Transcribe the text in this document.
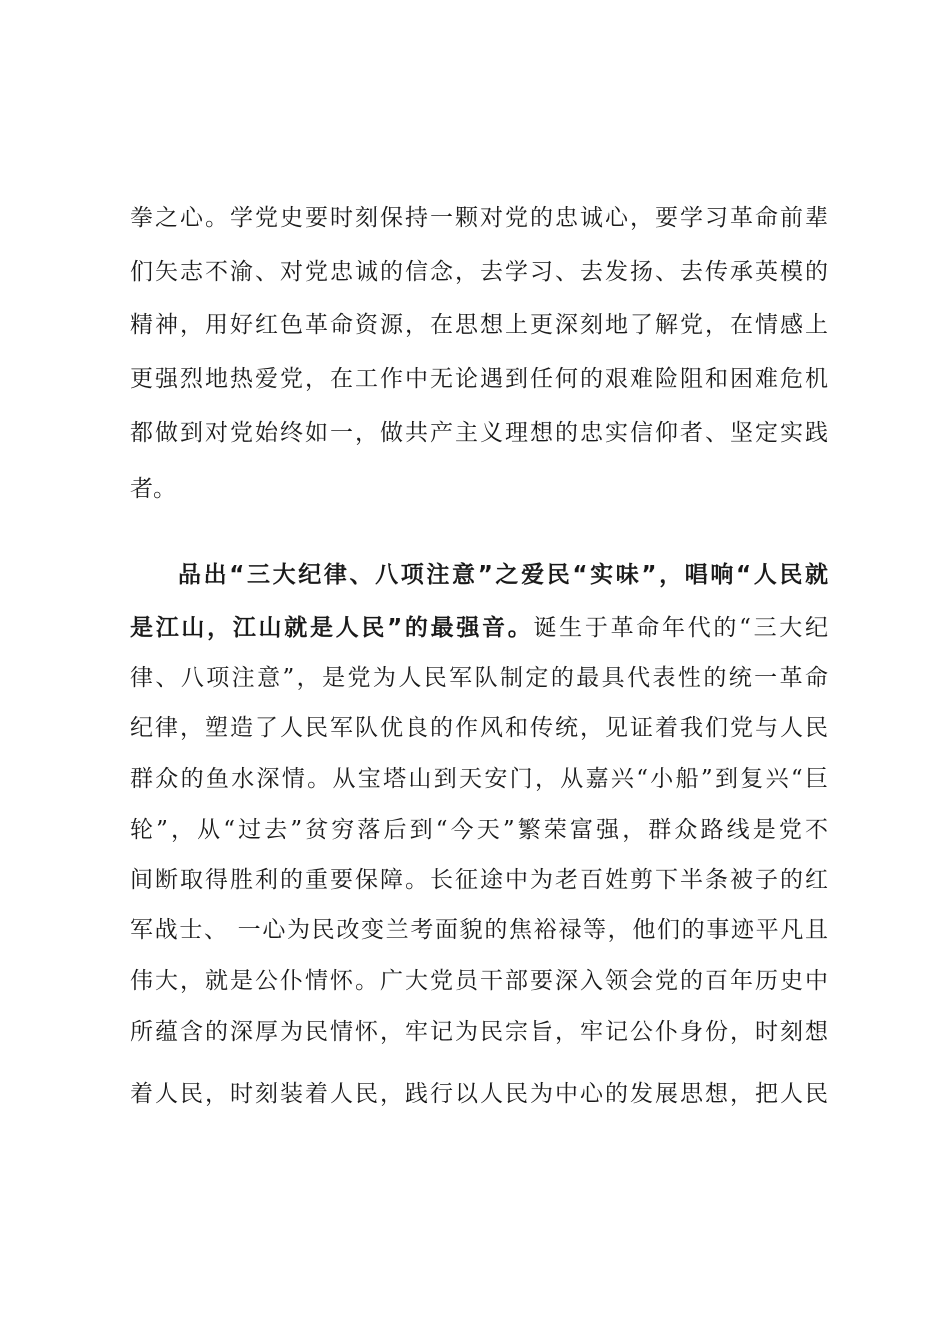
拳之心。学党史要时刻保持一颗对党的忠诚心，要学习革命前辈
们矢志不渝、对党忠诚的信念，去学习、去发扬、去传承英模的
精神，用好红色革命资源，在思想上更深刻地了解党，在情感上
更强烈地热爱党，在工作中无论遇到任何的艰难险阻和困难危机
都做到对党始终如一，做共产主义理想的忠实信仰者、坚定实践
者。
品出“三大纪律、八项注意”之爱民“实味”，唱响“人民就
是江山，江山就是人民”的最强音。诞生于革命年代的“三大纪
律、八项注意”，是党为人民军队制定的最具代表性的统一革命
纪律，塑造了人民军队优良的作风和传统，见证着我们党与人民
群众的鱼水深情。从宝塔山到天安门，从嘉兴“小船”到复兴“巨
轮”，从“过去”贫穷落后到“今天”繁荣富强，群众路线是党不
间断取得胜利的重要保障。长征途中为老百姓剪下半条被子的红
军战士、 一心为民改变兰考面貌的焦裕禄等，他们的事迹平凡且
伟大，就是公仆情怀。广大党员干部要深入领会党的百年历史中
所蕴含的深厚为民情怀，牢记为民宗旨，牢记公仆身份，时刻想
着人民，时刻装着人民，践行以人民为中心的发展思想，把人民
